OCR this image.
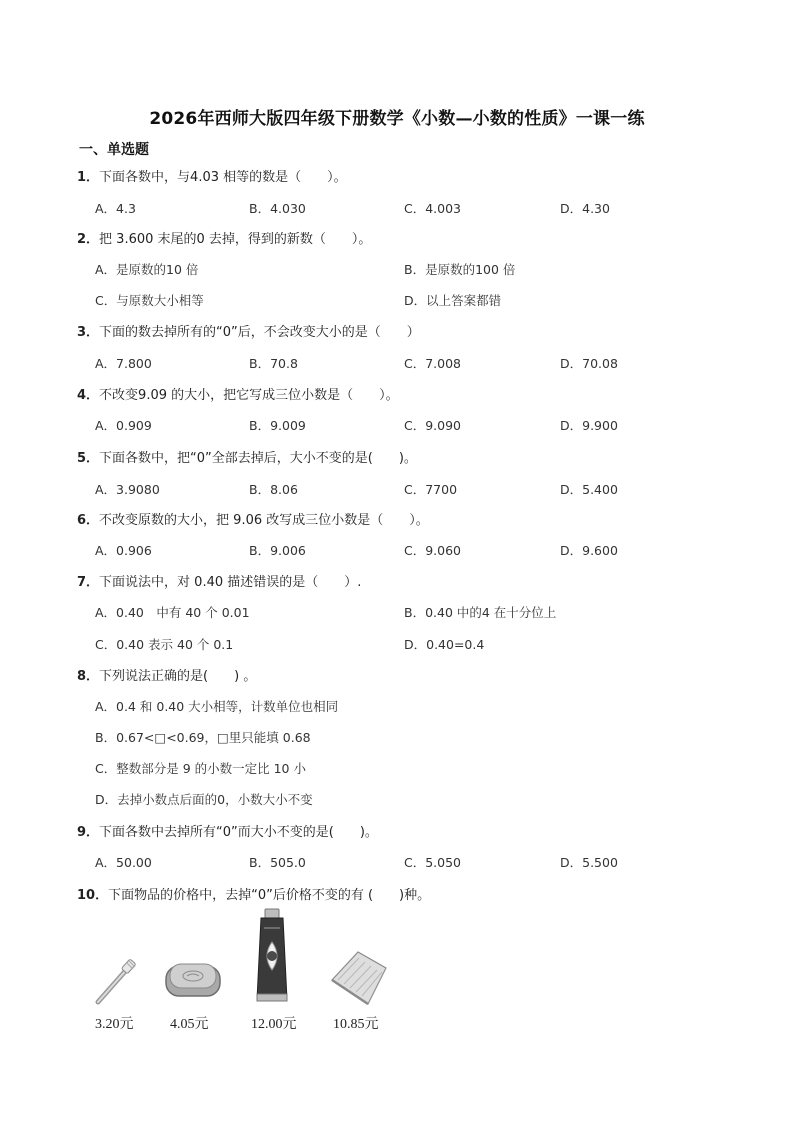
2026年西师大版四年级下册数学《小数—小数的性质》一课一练
一、单选题
1．下面各数中，与4.03 相等的数是（　　）。
A．4.3	B．4.030	C．4.003	D．4.30
2．把 3.600 末尾的0 去掉，得到的新数（　　）。
A．是原数的10 倍	B．是原数的100 倍
C．与原数大小相等	D．以上答案都错
3．下面的数去掉所有的“0”后，不会改变大小的是（　　）
A．7.800	B．70.8	C．7.008	D．70.08
4．不改变9.09 的大小，把它写成三位小数是（　　）。
A．0.909	B．9.009	C．9.090	D．9.900
5．下面各数中，把“0”全部去掉后，大小不变的是(　　)。
A．3.9080	B．8.06	C．7700	D．5.400
6．不改变原数的大小，把 9.06 改写成三位小数是（　　）。
A．0.906	B．9.006	C．9.060	D．9.600
7．下面说法中，对 0.40 描述错误的是（　　）.
A．0.40　中有 40 个 0.01	B．0.40 中的4 在十分位上
C．0.40 表示 40 个 0.1	D．0.40=0.4
8．下列说法正确的是(　　) 。
A．0.4 和 0.40 大小相等，计数单位也相同
B．0.67<□<0.69，□里只能填 0.68
C．整数部分是 9 的小数一定比 10 小
D．去掉小数点后面的0，小数大小不变
9．下面各数中去掉所有“0”而大小不变的是(　　)。
A．50.00	B．505.0	C．5.050	D．5.500
10．下面物品的价格中，去掉“0”后价格不变的有 (　　)种。
3.20元	4.05元	12.00元	10.85元
